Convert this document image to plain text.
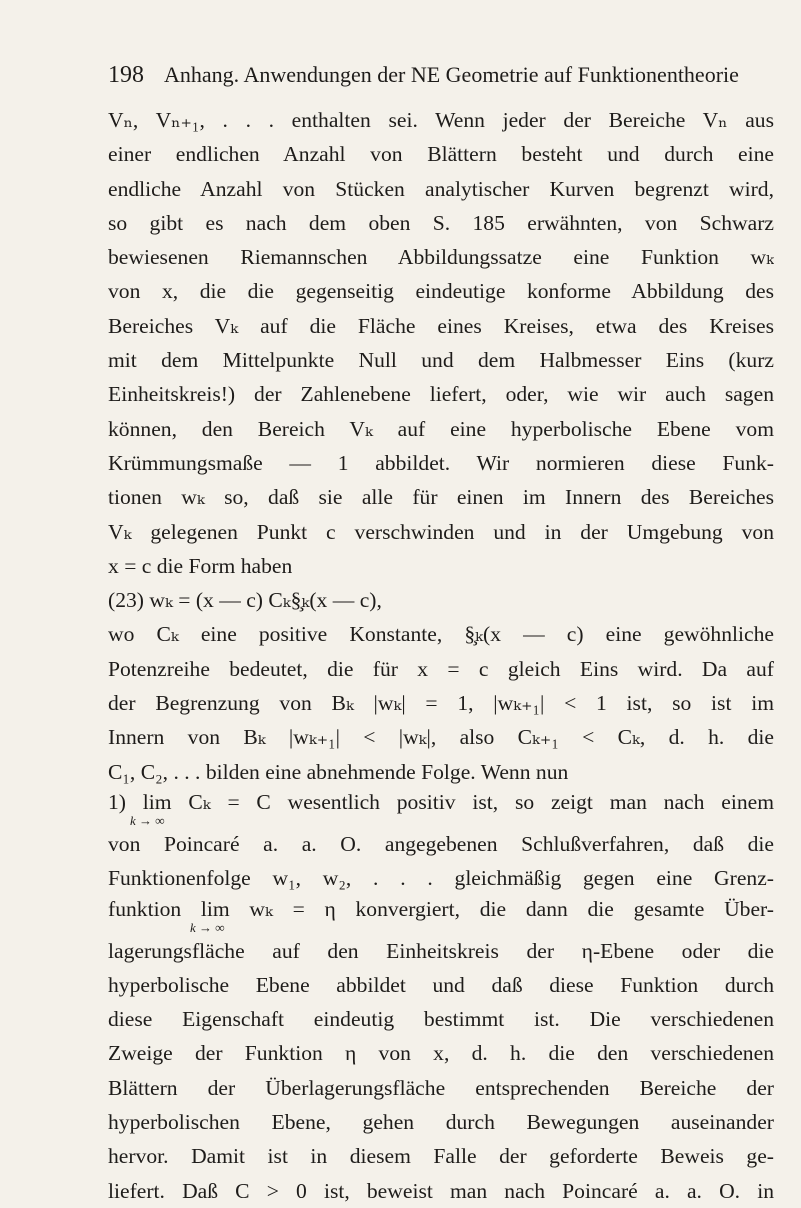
198 Anhang. Anwendungen der NE Geometrie auf Funktionentheorie
Vₙ, Vₙ₊₁, . . . enthalten sei. Wenn jeder der Bereiche Vₙ aus
einer endlichen Anzahl von Blättern besteht und durch eine
endliche Anzahl von Stücken analytischer Kurven begrenzt wird,
so gibt es nach dem oben S. 185 erwähnten, von Schwarz
bewiesenen Riemannschen Abbildungssatze eine Funktion wₖ
von x, die die gegenseitig eindeutige konforme Abbildung des
Bereiches Vₖ auf die Fläche eines Kreises, etwa des Kreises
mit dem Mittelpunkte Null und dem Halbmesser Eins (kurz
Einheitskreis!) der Zahlenebene liefert, oder, wie wir auch sagen
können, den Bereich Vₖ auf eine hyperbolische Ebene vom
Krümmungsmaße — 1 abbildet. Wir normieren diese Funk-
tionen wₖ so, daß sie alle für einen im Innern des Bereiches
Vₖ gelegenen Punkt c verschwinden und in der Umgebung von
x = c die Form haben
(23) wₖ = (x — c) Cₖ§̧ₖ(x — c),
wo Cₖ eine positive Konstante, §̧ₖ(x — c) eine gewöhnliche
Potenzreihe bedeutet, die für x = c gleich Eins wird. Da auf
der Begrenzung von Bₖ |wₖ| = 1, |wₖ₊₁| < 1 ist, so ist im
Innern von Bₖ |wₖ₊₁| < |wₖ|, also Cₖ₊₁ < Cₖ, d. h. die
C₁, C₂, . . . bilden eine abnehmende Folge. Wenn nun
1) lim Cₖ = C wesentlich positiv ist, so zeigt man nach einem
k → ∞
von Poincaré a. a. O. angegebenen Schlußverfahren, daß die
Funktionenfolge w₁, w₂, . . . gleichmäßig gegen eine Grenz-
funktion lim wₖ = η konvergiert, die dann die gesamte Über-
k → ∞
lagerungsfläche auf den Einheitskreis der η-Ebene oder die
hyperbolische Ebene abbildet und daß diese Funktion durch
diese Eigenschaft eindeutig bestimmt ist. Die verschiedenen
Zweige der Funktion η von x, d. h. die den verschiedenen
Blättern der Überlagerungsfläche entsprechenden Bereiche der
hyperbolischen Ebene, gehen durch Bewegungen auseinander
hervor. Damit ist in diesem Falle der geforderte Beweis ge-
liefert. Daß C > 0 ist, beweist man nach Poincaré a. a. O. in
